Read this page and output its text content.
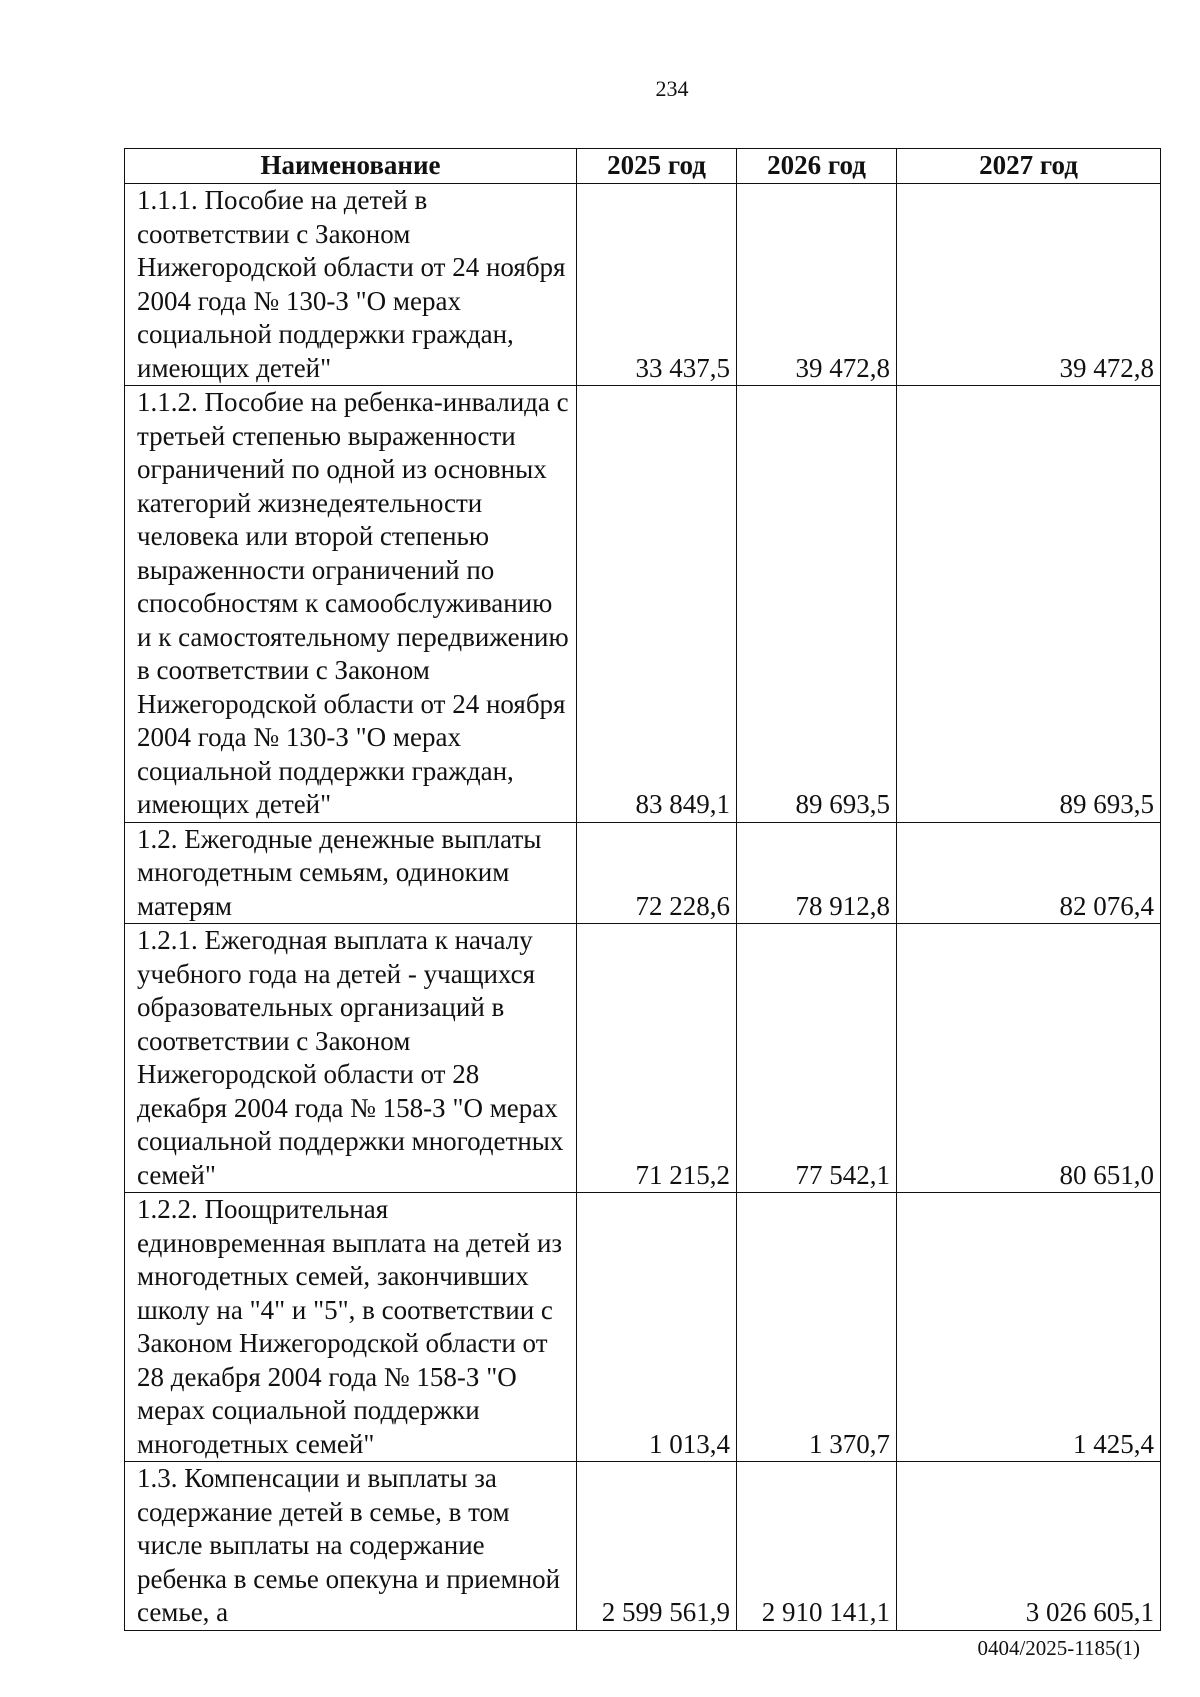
234
Наименование	2025 год	2026 год	2027 год
1.1.1. Пособие на детей в соответствии с Законом Нижегородской области от 24 ноября 2004 года № 130-З "О мерах социальной поддержки граждан, имеющих детей"	33 437,5	39 472,8	39 472,8
1.1.2. Пособие на ребенка-инвалида с третьей степенью выраженности ограничений по одной из основных категорий жизнедеятельности человека или второй степенью выраженности ограничений по способностям к самообслуживанию и к самостоятельному передвижению в соответствии с Законом Нижегородской области от 24 ноября 2004 года № 130-З "О мерах социальной поддержки граждан, имеющих детей"	83 849,1	89 693,5	89 693,5
1.2. Ежегодные денежные выплаты многодетным семьям, одиноким матерям	72 228,6	78 912,8	82 076,4
1.2.1. Ежегодная выплата к началу учебного года на детей - учащихся образовательных организаций в соответствии с Законом Нижегородской области от 28 декабря 2004 года № 158-З "О мерах социальной поддержки многодетных семей"	71 215,2	77 542,1	80 651,0
1.2.2. Поощрительная единовременная выплата на детей из многодетных семей, закончивших школу на "4" и "5", в соответствии с Законом Нижегородской области от 28 декабря 2004 года № 158-З "О мерах социальной поддержки многодетных семей"	1 013,4	1 370,7	1 425,4
1.3. Компенсации и выплаты за содержание детей в семье, в том числе выплаты на содержание ребенка в семье опекуна и приемной семье, а	2 599 561,9	2 910 141,1	3 026 605,1
0404/2025-1185(1)
